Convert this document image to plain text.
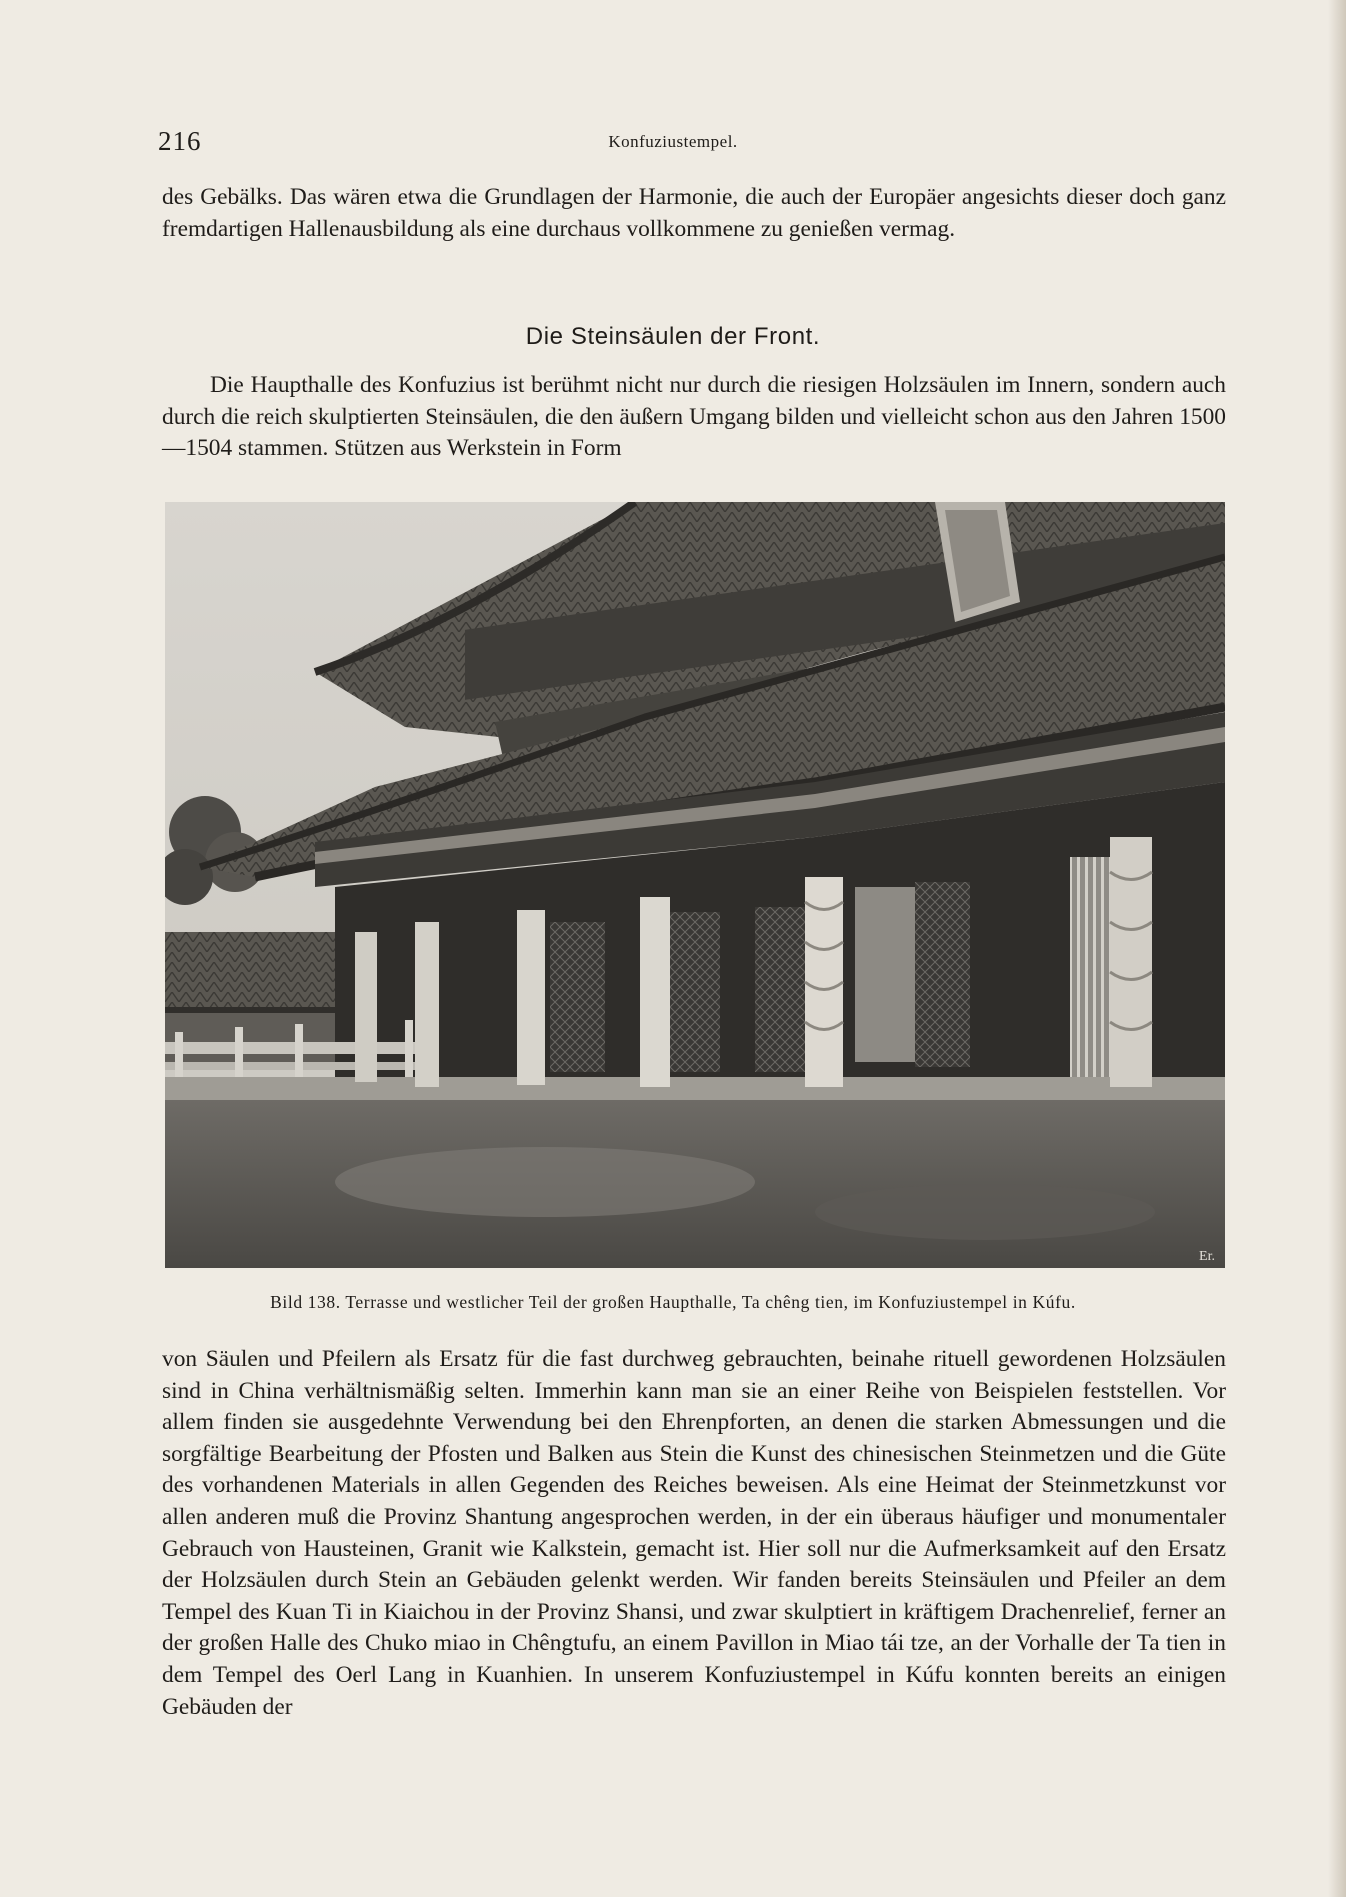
216	Konfuziustempel.

des Gebälks. Das wären etwa die Grundlagen der Harmonie, die auch der Europäer angesichts dieser doch ganz fremdartigen Hallenausbildung als eine durchaus vollkommene zu genießen vermag.

Die Steinsäulen der Front.

Die Haupthalle des Konfuzius ist berühmt nicht nur durch die riesigen Holzsäulen im Innern, sondern auch durch die reich skulptierten Steinsäulen, die den äußern Umgang bilden und vielleicht schon aus den Jahren 1500—1504 stammen. Stützen aus Werkstein in Form

Er.
Bild 138. Terrasse und westlicher Teil der großen Haupthalle, Ta chêng tien, im Konfuziustempel in Kúfu.

von Säulen und Pfeilern als Ersatz für die fast durchweg gebrauchten, beinahe rituell gewordenen Holzsäulen sind in China verhältnismäßig selten. Immerhin kann man sie an einer Reihe von Beispielen feststellen. Vor allem finden sie ausgedehnte Verwendung bei den Ehrenpforten, an denen die starken Abmessungen und die sorgfältige Bearbeitung der Pfosten und Balken aus Stein die Kunst des chinesischen Steinmetzen und die Güte des vorhandenen Materials in allen Gegenden des Reiches beweisen. Als eine Heimat der Steinmetzkunst vor allen anderen muß die Provinz Shantung angesprochen werden, in der ein überaus häufiger und monumentaler Gebrauch von Hausteinen, Granit wie Kalkstein, gemacht ist. Hier soll nur die Aufmerksamkeit auf den Ersatz der Holzsäulen durch Stein an Gebäuden gelenkt werden. Wir fanden bereits Steinsäulen und Pfeiler an dem Tempel des Kuan Ti in Kiaichou in der Provinz Shansi, und zwar skulptiert in kräftigem Drachenrelief, ferner an der großen Halle des Chuko miao in Chêngtufu, an einem Pavillon in Miao tái tze, an der Vorhalle der Ta tien in dem Tempel des Oerl Lang in Kuanhien. In unserem Konfuziustempel in Kúfu konnten bereits an einigen Gebäuden der
